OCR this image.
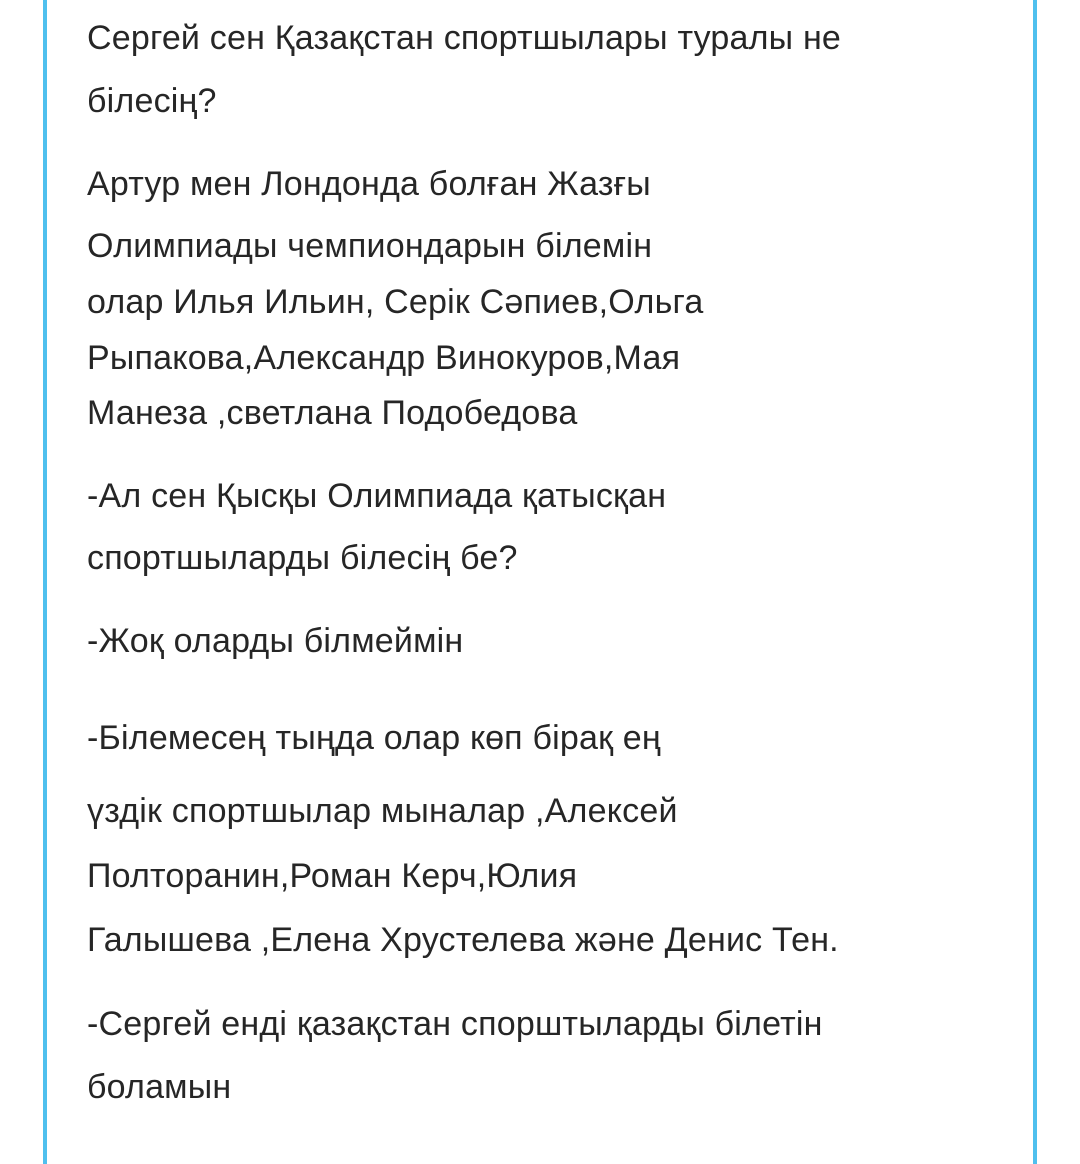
Сергей сен Қазақстан спортшылары туралы не

білесің?

Артур мен Лондонда болған Жазғы

Олимпиады чемпиондарын білемін

олар Илья Ильин, Серік Сәпиев,Ольга

Рыпакова,Александр Винокуров,Мая

Манеза ,светлана Подобедова

-Ал сен Қысқы Олимпиада қатысқан

спортшыларды білесің бе?

-Жоқ оларды білмеймін

-Білемесең тыңда олар көп бірақ ең

үздік спортшылар мыналар ,Алексей

Полторанин,Роман Керч,Юлия

Галышева ,Елена Хрустелева және Денис Тен.

-Сергей енді қазақстан спорштыларды білетін

боламын
